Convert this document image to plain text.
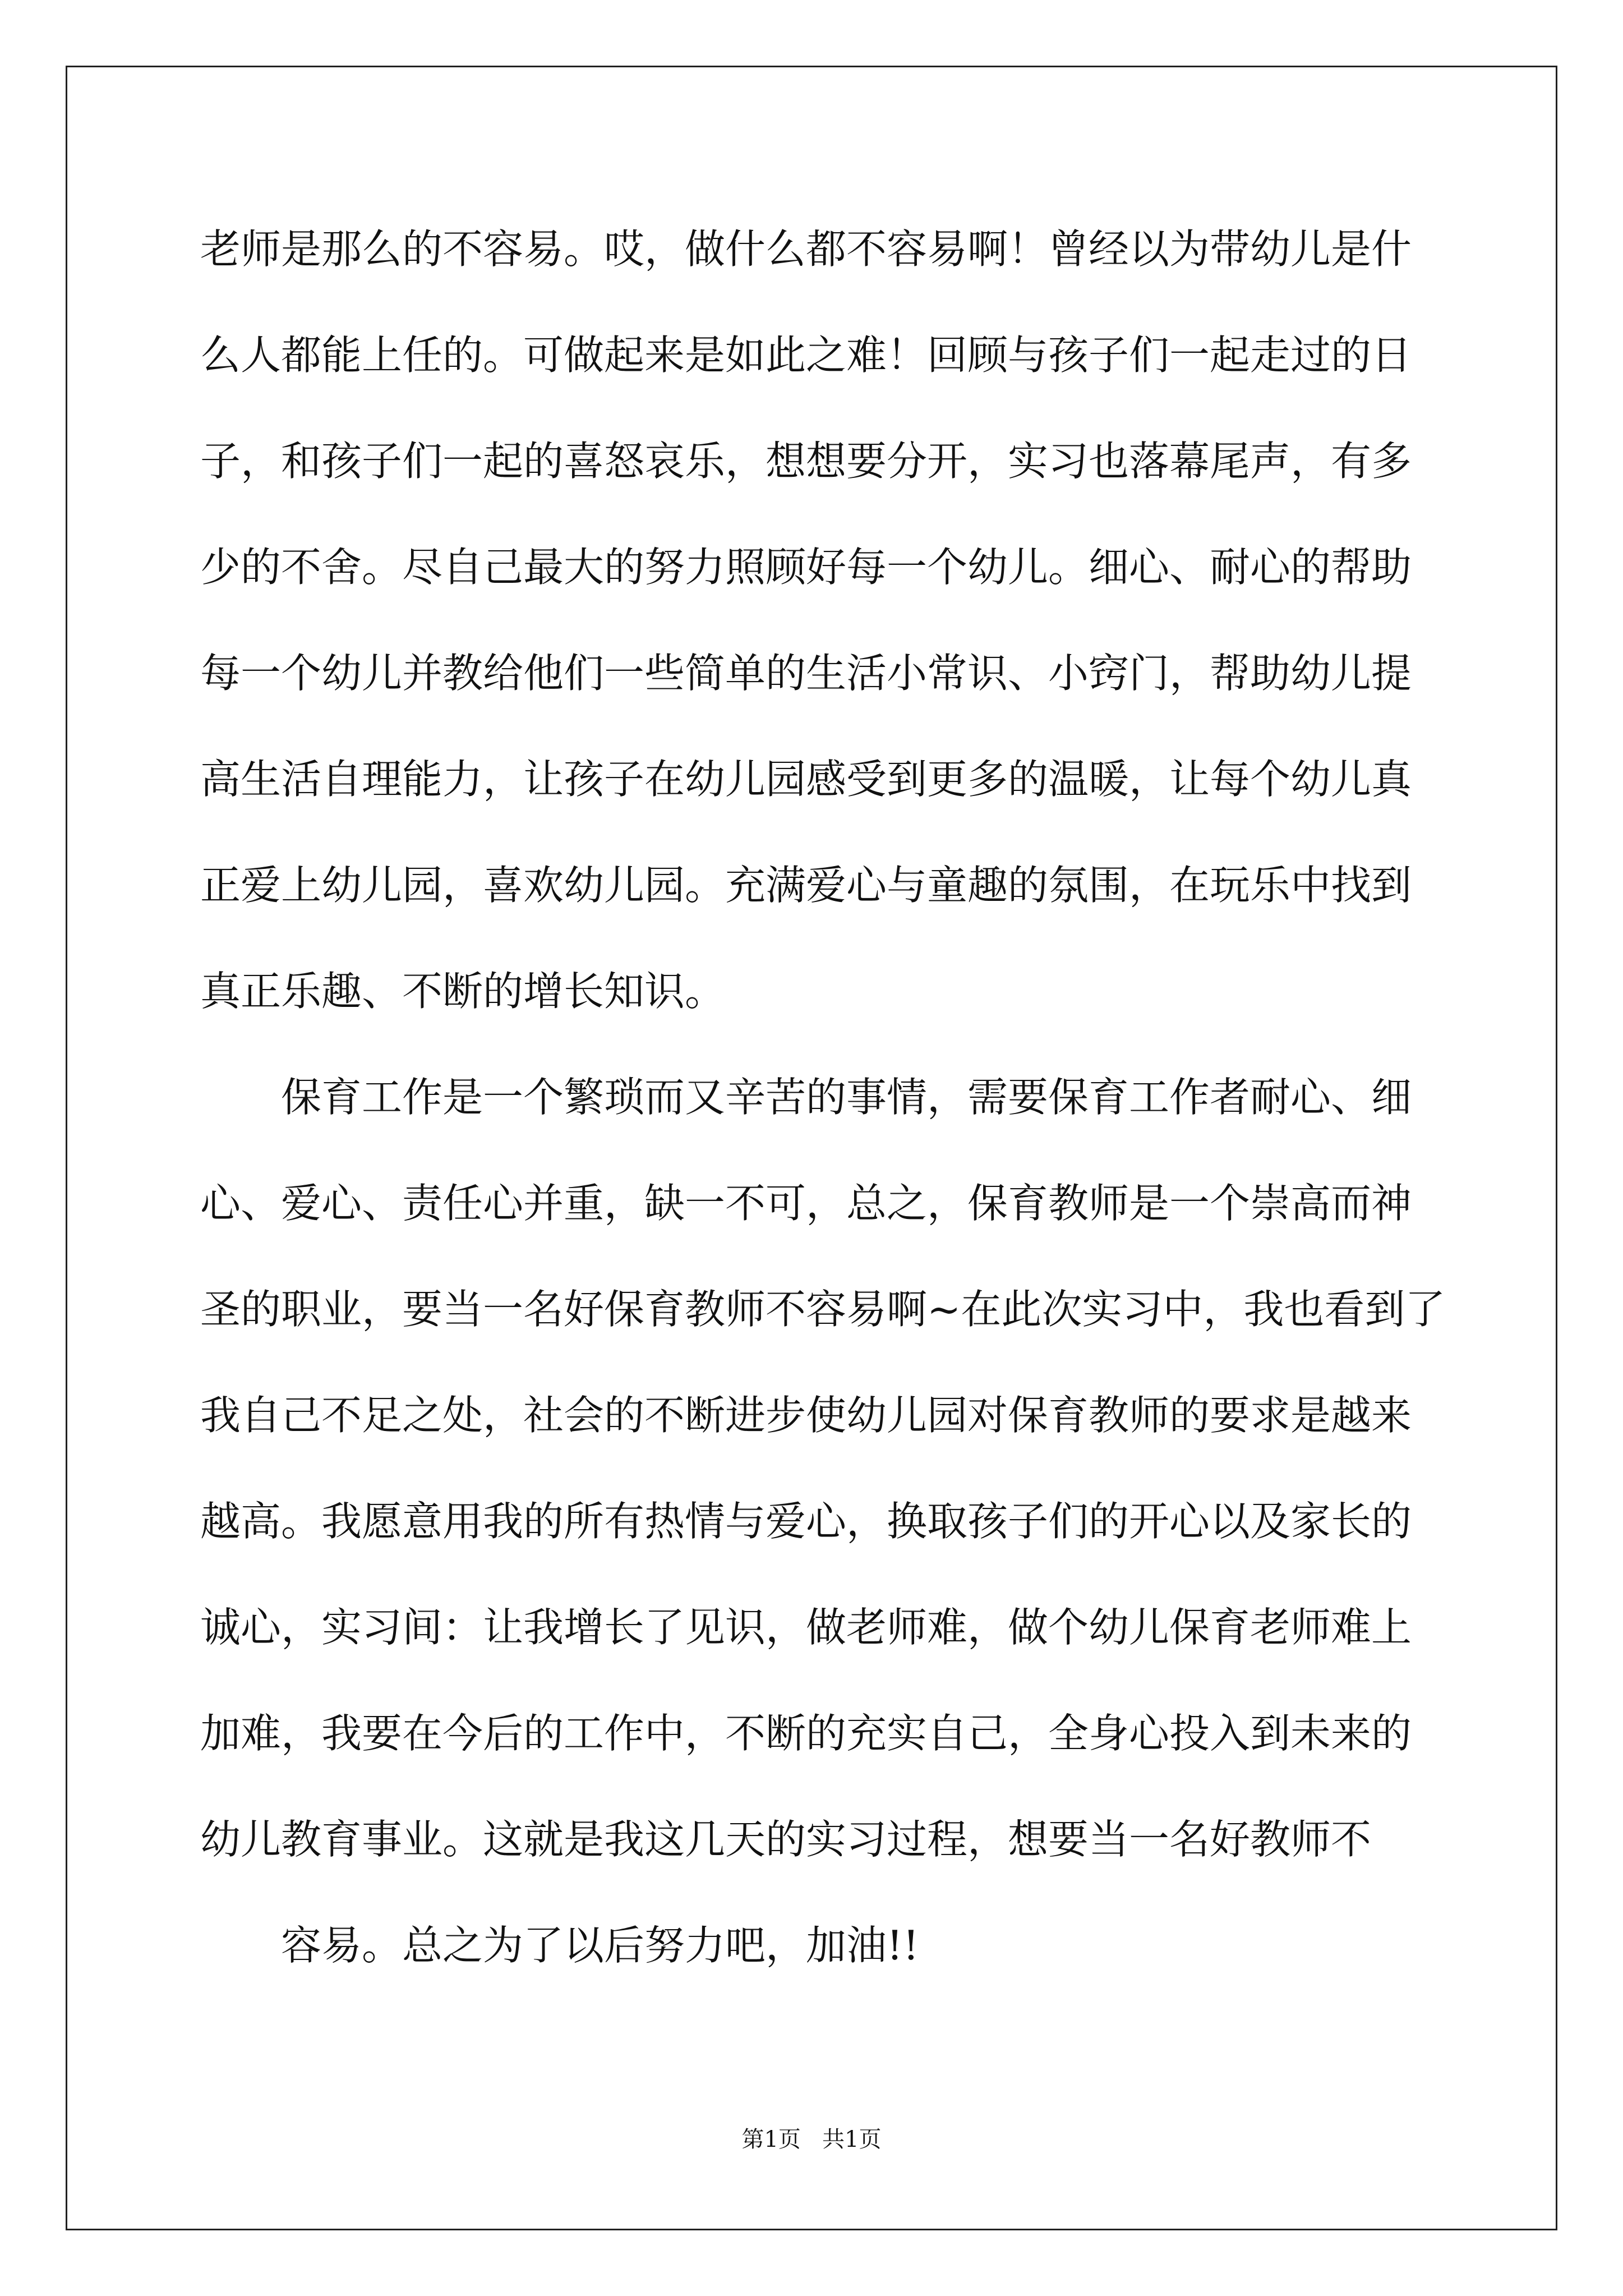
老师是那么的不容易。哎，做什么都不容易啊！曾经以为带幼儿是什
么人都能上任的。可做起来是如此之难！回顾与孩子们一起走过的日
子，和孩子们一起的喜怒哀乐，想想要分开，实习也落幕尾声，有多
少的不舍。尽自己最大的努力照顾好每一个幼儿。细心、耐心的帮助
每一个幼儿并教给他们一些简单的生活小常识、小窍门，帮助幼儿提
高生活自理能力，让孩子在幼儿园感受到更多的温暖，让每个幼儿真
正爱上幼儿园，喜欢幼儿园。充满爱心与童趣的氛围，在玩乐中找到
真正乐趣、不断的增长知识。
保育工作是一个繁琐而又辛苦的事情，需要保育工作者耐心、细
心、爱心、责任心并重，缺一不可，总之，保育教师是一个崇高而神
圣的职业，要当一名好保育教师不容易啊~在此次实习中，我也看到了
我自己不足之处，社会的不断进步使幼儿园对保育教师的要求是越来
越高。我愿意用我的所有热情与爱心，换取孩子们的开心以及家长的
诚心，实习间：让我增长了见识，做老师难，做个幼儿保育老师难上
加难，我要在今后的工作中，不断的充实自己，全身心投入到未来的
幼儿教育事业。这就是我这几天的实习过程，想要当一名好教师不
容易。总之为了以后努力吧，加油!!
第1页   共1页
